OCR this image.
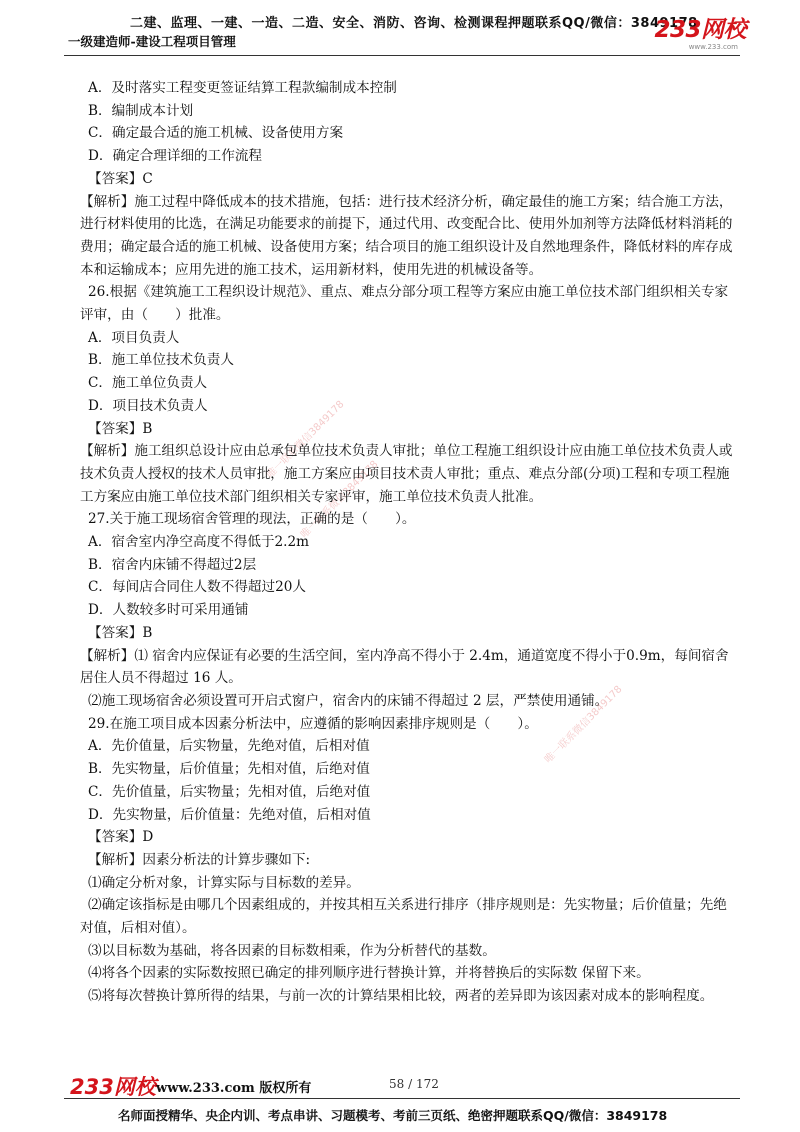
二建、监理、一建、一造、二造、安全、消防、咨询、检测课程押题联系QQ/微信：3849178
一级建造师-建设工程项目管理	233网校
www.233.com
唯一联系微信3849178
唯一联系微信3849178
唯一联系微信3849178

A．及时落实工程变更签证结算工程款编制成本控制

B．编制成本计划

C．确定最合适的施工机械、设备使用方案

D．确定合理详细的工作流程

【答案】C

【解析】施工过程中降低成本的技术措施，包括：进行技术经济分析，确定最佳的施工方案；结合施工方法，进行材料使用的比选，在满足功能要求的前提下，通过代用、改变配合比、使用外加剂等方法降低材料消耗的费用；确定最合适的施工机械、设备使用方案；结合项目的施工组织设计及自然地理条件，降低材料的库存成本和运输成本；应用先进的施工技术，运用新材料，使用先进的机械设备等。

26.根据《建筑施工工程织设计规范》、重点、难点分部分项工程等方案应由施工单位技术部门组织相关专家评审，由（　　）批准。

A．项目负责人

B．施工单位技术负责人

C．施工单位负责人

D．项目技术负责人

【答案】B

【解析】施工组织总设计应由总承包单位技术负责人审批；单位工程施工组织设计应由施工单位技术负责人或技术负责人授权的技术人员审批，施工方案应由项目技术责人审批；重点、难点分部(分项)工程和专项工程施工方案应由施工单位技术部门组织相关专家评审，施工单位技术负责人批准。

27.关于施工现场宿舍管理的现法，正确的是（　　）。

A．宿舍室内净空高度不得低于2.2m

B．宿舍内床铺不得超过2层

C．每间店合同住人数不得超过20人

D．人数较多时可采用通铺

【答案】B

【解析】⑴ 宿舍内应保证有必要的生活空间，室内净高不得小于 2.4m，通道宽度不得小于0.9m，每间宿舍居住人员不得超过 16 人。

⑵施工现场宿舍必须设置可开启式窗户，宿舍内的床铺不得超过 2 层，严禁使用通铺。

29.在施工项目成本因素分析法中，应遵循的影响因素排序规则是（　　）。

A．先价值量，后实物量，先绝对值，后相对值

B．先实物量，后价值量；先相对值，后绝对值

C．先价值量，后实物量；先相对值，后绝对值

D．先实物量，后价值量：先绝对值，后相对值

【答案】D

【解析】因素分析法的计算步骤如下:

⑴确定分析对象，计算实际与目标数的差异。

⑵确定该指标是由哪几个因素组成的，并按其相互关系进行排序（排序规则是：先实物量；后价值量；先绝对值，后相对值）。

⑶以目标数为基础，将各因素的目标数相乘，作为分析替代的基数。

⑷将各个因素的实际数按照已确定的排列顺序进行替换计算，并将替换后的实际数 保留下来。

⑸将每次替换计算所得的结果，与前一次的计算结果相比较，两者的差异即为该因素对成本的影响程度。

233网校 www.233.com 版权所有	58 / 172
名师面授精华、央企内训、考点串讲、习题模考、考前三页纸、绝密押题联系QQ/微信：3849178
